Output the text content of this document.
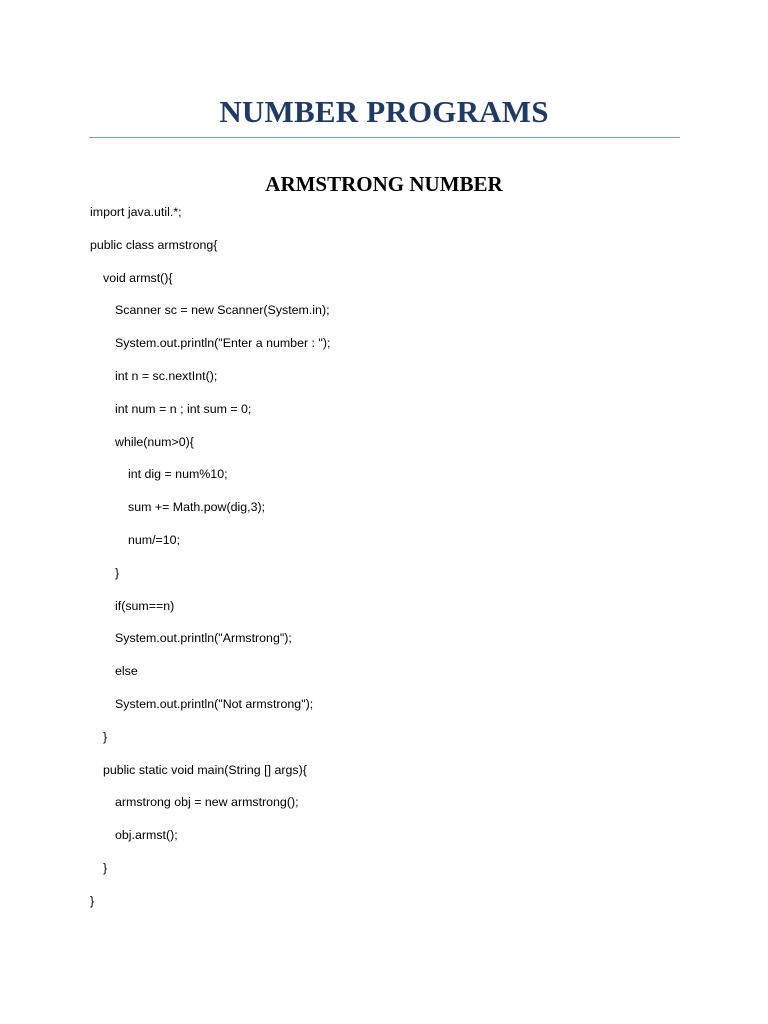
NUMBER PROGRAMS
ARMSTRONG NUMBER
import java.util.*;
public class armstrong{
void armst(){
Scanner sc = new Scanner(System.in);
System.out.println("Enter a number : ");
int n = sc.nextInt();
int num = n ; int sum = 0;
while(num>0){
int dig = num%10;
sum += Math.pow(dig,3);
num/=10;
}
if(sum==n)
System.out.println("Armstrong");
else
System.out.println("Not armstrong");
}
public static void main(String [] args){
armstrong obj = new armstrong();
obj.armst();
}
}
